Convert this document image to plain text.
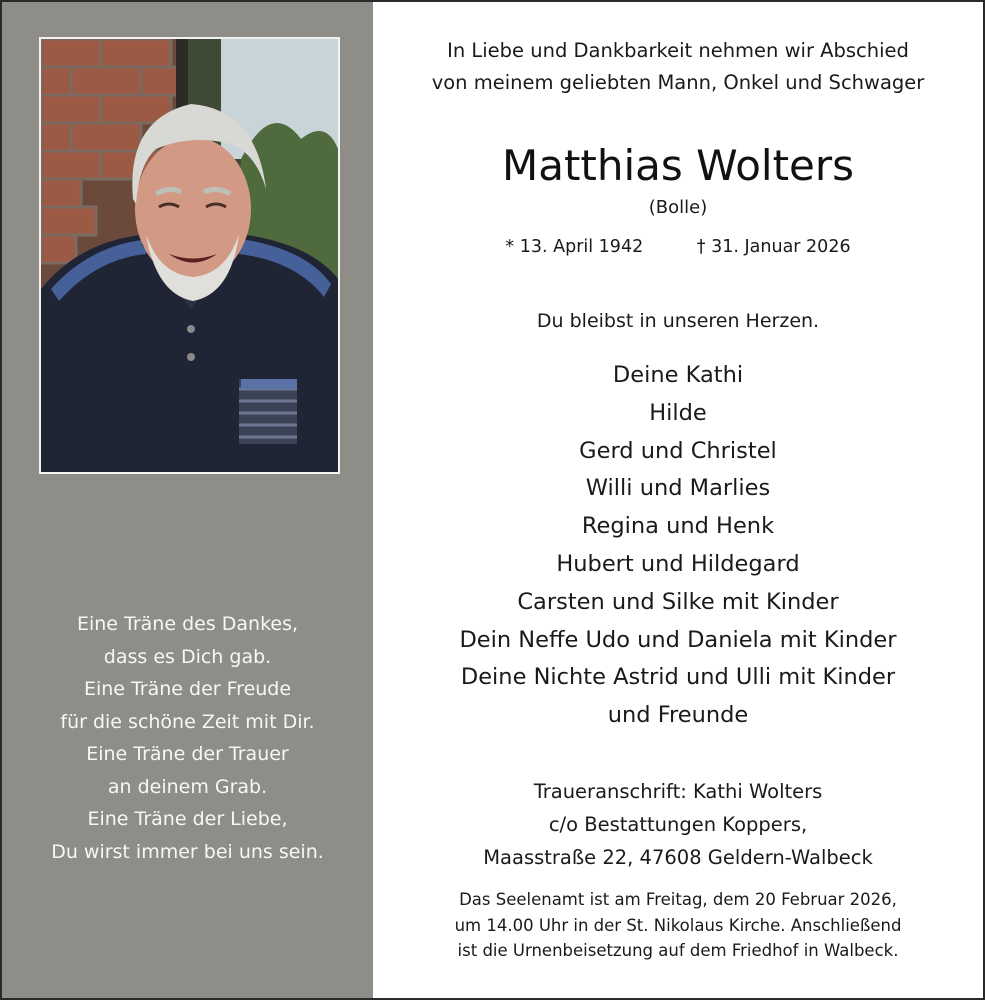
Eine Träne des Dankes,
dass es Dich gab.
Eine Träne der Freude
für die schöne Zeit mit Dir.
Eine Träne der Trauer
an deinem Grab.
Eine Träne der Liebe,
Du wirst immer bei uns sein.
In Liebe und Dankbarkeit nehmen wir Abschied
von meinem geliebten Mann, Onkel und Schwager
Matthias Wolters
(Bolle)
* 13. April 1942	† 31. Januar 2026
Du bleibst in unseren Herzen.
Deine Kathi
Hilde
Gerd und Christel
Willi und Marlies
Regina und Henk
Hubert und Hildegard
Carsten und Silke mit Kinder
Dein Neffe Udo und Daniela mit Kinder
Deine Nichte Astrid und Ulli mit Kinder
und Freunde
Traueranschrift: Kathi Wolters
c/o Bestattungen Koppers,
Maasstraße 22, 47608 Geldern-Walbeck
Das Seelenamt ist am Freitag, dem 20 Februar 2026,
um 14.00 Uhr in der St. Nikolaus Kirche. Anschließend
ist die Urnenbeisetzung auf dem Friedhof in Walbeck.
